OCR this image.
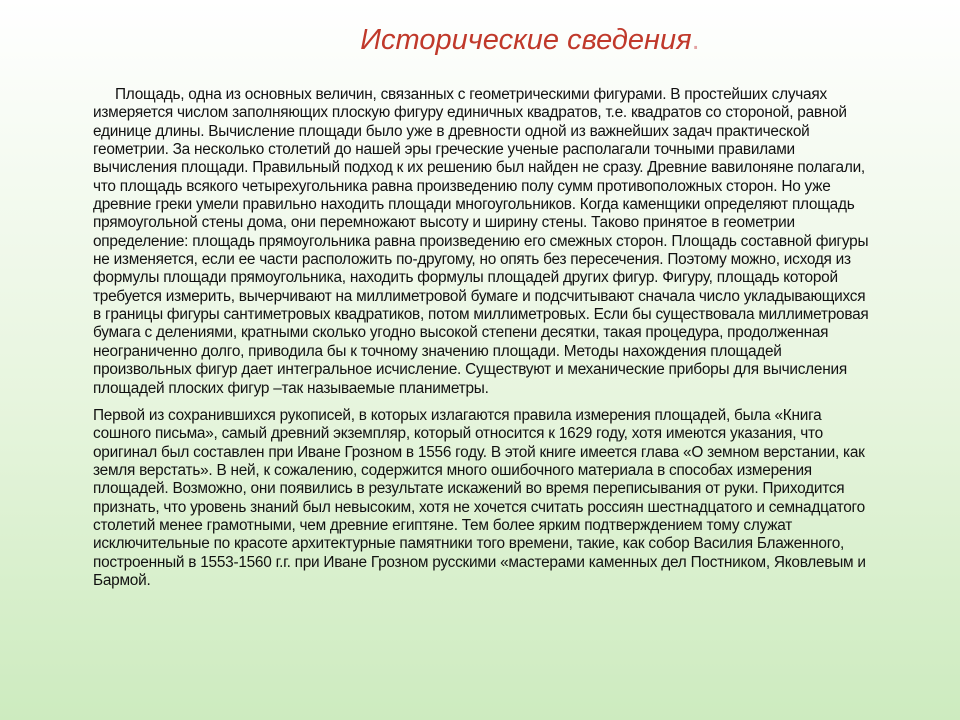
Исторические сведения.

Площадь, одна из основных величин, связанных с геометрическими фигурами. В простейших случаях измеряется числом заполняющих плоскую фигуру единичных квадратов, т.е. квадратов со стороной, равной единице длины. Вычисление площади было уже в древности одной из важнейших задач практической геометрии. За несколько столетий до нашей эры греческие ученые располагали точными правилами вычисления площади. Правильный подход к их решению был найден не сразу. Древние вавилоняне полагали, что площадь всякого четырехугольника равна произведению полу сумм противоположных сторон. Но уже древние греки умели правильно находить площади многоугольников. Когда каменщики определяют площадь прямоугольной стены дома, они перемножают высоту и ширину стены. Таково принятое в геометрии определение: площадь прямоугольника равна произведению его смежных сторон. Площадь составной фигуры не изменяется, если ее части расположить по-другому, но опять без пересечения. Поэтому можно, исходя из формулы площади прямоугольника, находить формулы площадей других фигур. Фигуру, площадь которой требуется измерить, вычерчивают на миллиметровой бумаге и подсчитывают сначала число укладывающихся в границы фигуры сантиметровых квадратиков, потом миллиметровых. Если бы существовала миллиметровая бумага с делениями, кратными сколько угодно высокой степени десятки, такая процедура, продолженная неограниченно долго, приводила бы к точному значению площади. Методы нахождения площадей произвольных фигур дает интегральное исчисление. Существуют и механические приборы для вычисления площадей плоских фигур –так называемые планиметры.

Первой из сохранившихся рукописей, в которых излагаются правила измерения площадей, была «Книга сошного письма», самый древний экземпляр, который относится к 1629 году, хотя имеются указания, что оригинал был составлен при Иване Грозном в 1556 году. В этой книге имеется глава «О земном верстании, как земля верстать». В ней, к сожалению, содержится много ошибочного материала в способах измерения площадей. Возможно, они появились в результате искажений во время переписывания от руки. Приходится признать, что уровень знаний был невысоким, хотя не хочется считать россиян шестнадцатого и семнадцатого столетий менее грамотными, чем древние египтяне. Тем более ярким подтверждением тому служат исключительные по красоте архитектурные памятники того времени, такие, как собор Василия Блаженного, построенный в 1553-1560 г.г. при Иване Грозном русскими «мастерами каменных дел Постником, Яковлевым и Бармой.
